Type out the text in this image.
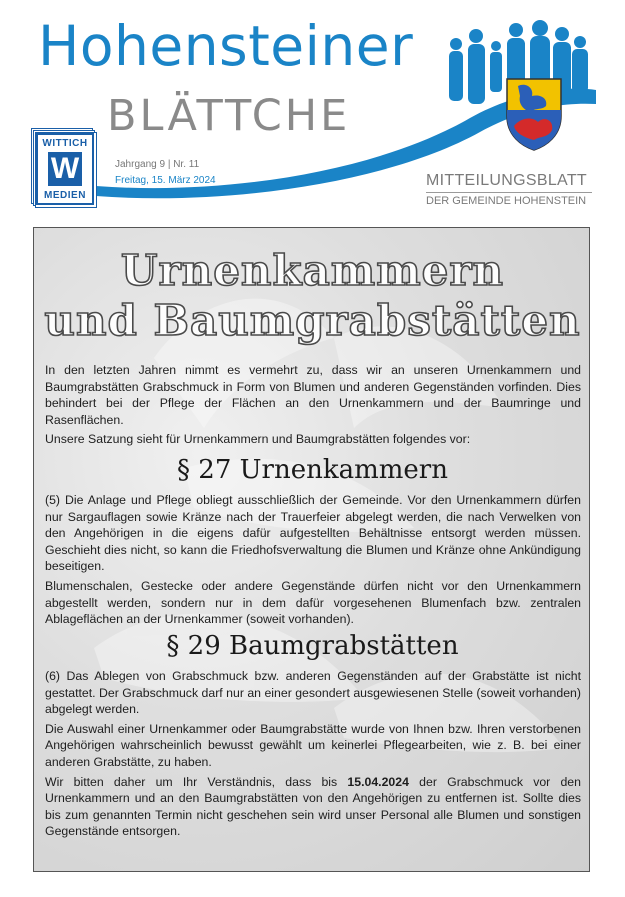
Hohensteiner
BLÄTTCHE
WITTICH
W
MEDIEN
Jahrgang 9 | Nr. 11
Freitag, 15. März 2024	MITTEILUNGSBLATT
DER GEMEINDE HOHENSTEIN
Urnenkammern
und Baumgrabstätten

In den letzten Jahren nimmt es vermehrt zu, dass wir an unseren Urnenkammern und Baumgrabstätten Grabschmuck in Form von Blumen und anderen Gegenständen vorfinden. Dies behindert bei der Pflege der Flächen an den Urnenkammern und der Baumringe und Rasenflächen.

Unsere Satzung sieht für Urnenkammern und Baumgrabstätten folgendes vor:

§ 27 Urnenkammern

(5) Die Anlage und Pflege obliegt ausschließlich der Gemeinde. Vor den Urnenkammern dürfen nur Sargauflagen sowie Kränze nach der Trauerfeier abgelegt werden, die nach Verwelken von den Angehörigen in die eigens dafür aufgestellten Behältnisse entsorgt werden müssen. Geschieht dies nicht, so kann die Friedhofsverwaltung die Blumen und Kränze ohne Ankündigung beseitigen.

Blumenschalen, Gestecke oder andere Gegenstände dürfen nicht vor den Urnenkammern abgestellt werden, sondern nur in dem dafür vorgesehenen Blumenfach bzw. zentralen Ablageflächen an der Urnenkammer (soweit vorhanden).

§ 29 Baumgrabstätten

(6) Das Ablegen von Grabschmuck bzw. anderen Gegenständen auf der Grabstätte ist nicht gestattet. Der Grabschmuck darf nur an einer gesondert ausgewiesenen Stelle (soweit vorhanden) abgelegt werden.

Die Auswahl einer Urnenkammer oder Baumgrabstätte wurde von Ihnen bzw. Ihren verstorbenen Angehörigen wahrscheinlich bewusst gewählt um keinerlei Pflegearbeiten, wie z. B. bei einer anderen Grabstätte, zu haben.

Wir bitten daher um Ihr Verständnis, dass bis 15.04.2024 der Grabschmuck vor den Urnenkammern und an den Baumgrabstätten von den Angehörigen zu entfernen ist. Sollte dies bis zum genannten Termin nicht geschehen sein wird unser Personal alle Blumen und sonstigen Gegenstände entsorgen.
